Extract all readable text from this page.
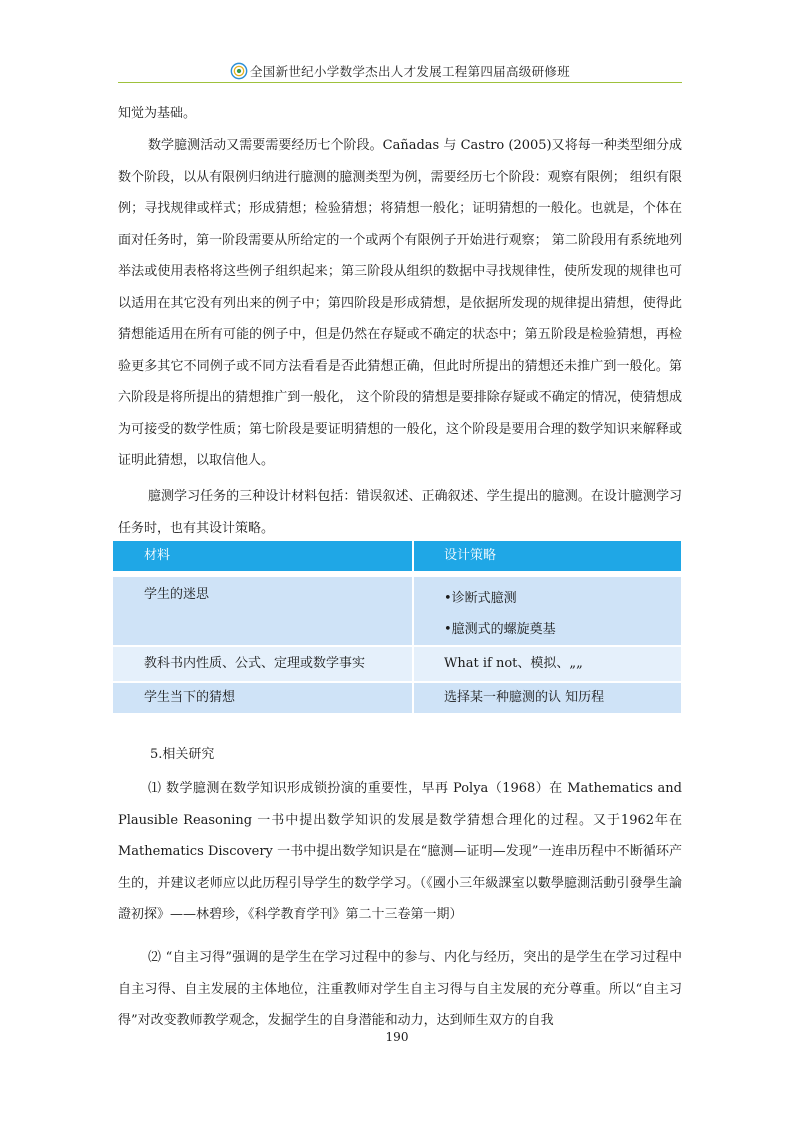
全国新世纪小学数学杰出人才发展工程第四届高级研修班
知觉为基础。
数学臆测活动又需要需要经历七个阶段。Cañadas 与 Castro (2005)又将每一种类型细分成数个阶段，以从有限例归纳进行臆测的臆测类型为例，需要经历七个阶段：观察有限例； 组织有限例；寻找规律或样式；形成猜想；检验猜想；将猜想一般化；证明猜想的一般化。也就是，个体在面对任务时，第一阶段需要从所给定的一个或两个有限例子开始进行观察； 第二阶段用有系统地列举法或使用表格将这些例子组织起来；第三阶段从组织的数据中寻找规律性，使所发现的规律也可以适用在其它没有列出来的例子中；第四阶段是形成猜想，是依据所发现的规律提出猜想，使得此猜想能适用在所有可能的例子中，但是仍然在存疑或不确定的状态中；第五阶段是检验猜想，再检验更多其它不同例子或不同方法看看是否此猜想正确，但此时所提出的猜想还未推广到一般化。第六阶段是将所提出的猜想推广到一般化， 这个阶段的猜想是要排除存疑或不确定的情况，使猜想成为可接受的数学性质；第七阶段是要证明猜想的一般化，这个阶段是要用合理的数学知识来解释或证明此猜想，以取信他人。
臆测学习任务的三种设计材料包括：错误叙述、正确叙述、学生提出的臆测。在设计臆测学习任务时，也有其设计策略。
材料	设计策略

学生的迷思	•诊断式臆测
•臆测式的螺旋奠基

教科书内性质、公式、定理或数学事实	What if not、模拟、„„

学生当下的猜想	选择某一种臆测的认 知历程
5.相关研究
⑴ 数学臆测在数学知识形成锁扮演的重要性，早再 Polya（1968）在 Mathematics and Plausible Reasoning 一书中提出数学知识的发展是数学猜想合理化的过程。又于1962年在 Mathematics Discovery 一书中提出数学知识是在“臆测—证明—发现”一连串历程中不断循环产生的，并建议老师应以此历程引导学生的数学学习。（《國小三年級課室以數學臆測活動引發學生論證初探》——林碧珍，《科学教育学刊》第二十三卷第一期）
⑵ “自主习得”强调的是学生在学习过程中的参与、内化与经历，突出的是学生在学习过程中自主习得、自主发展的主体地位，注重教师对学生自主习得与自主发展的充分尊重。所以“自主习得”对改变教师教学观念，发掘学生的自身潜能和动力，达到师生双方的自我
190
